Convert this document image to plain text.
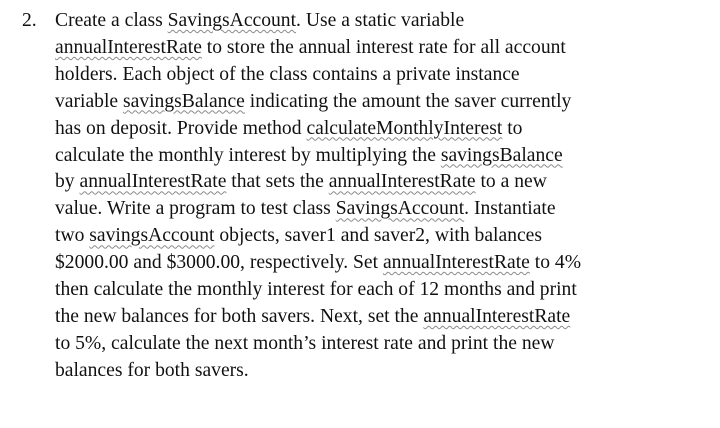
2. Create a class SavingsAccount. Use a static variable
annualInterestRate to store the annual interest rate for all account
holders. Each object of the class contains a private instance
variable savingsBalance indicating the amount the saver currently
has on deposit. Provide method calculateMonthlyInterest to
calculate the monthly interest by multiplying the savingsBalance
by annualInterestRate that sets the annualInterestRate to a new
value. Write a program to test class SavingsAccount. Instantiate
two savingsAccount objects, saver1 and saver2, with balances
$2000.00 and $3000.00, respectively. Set annualInterestRate to 4%
then calculate the monthly interest for each of 12 months and print
the new balances for both savers. Next, set the annualInterestRate
to 5%, calculate the next month’s interest rate and print the new
balances for both savers.
